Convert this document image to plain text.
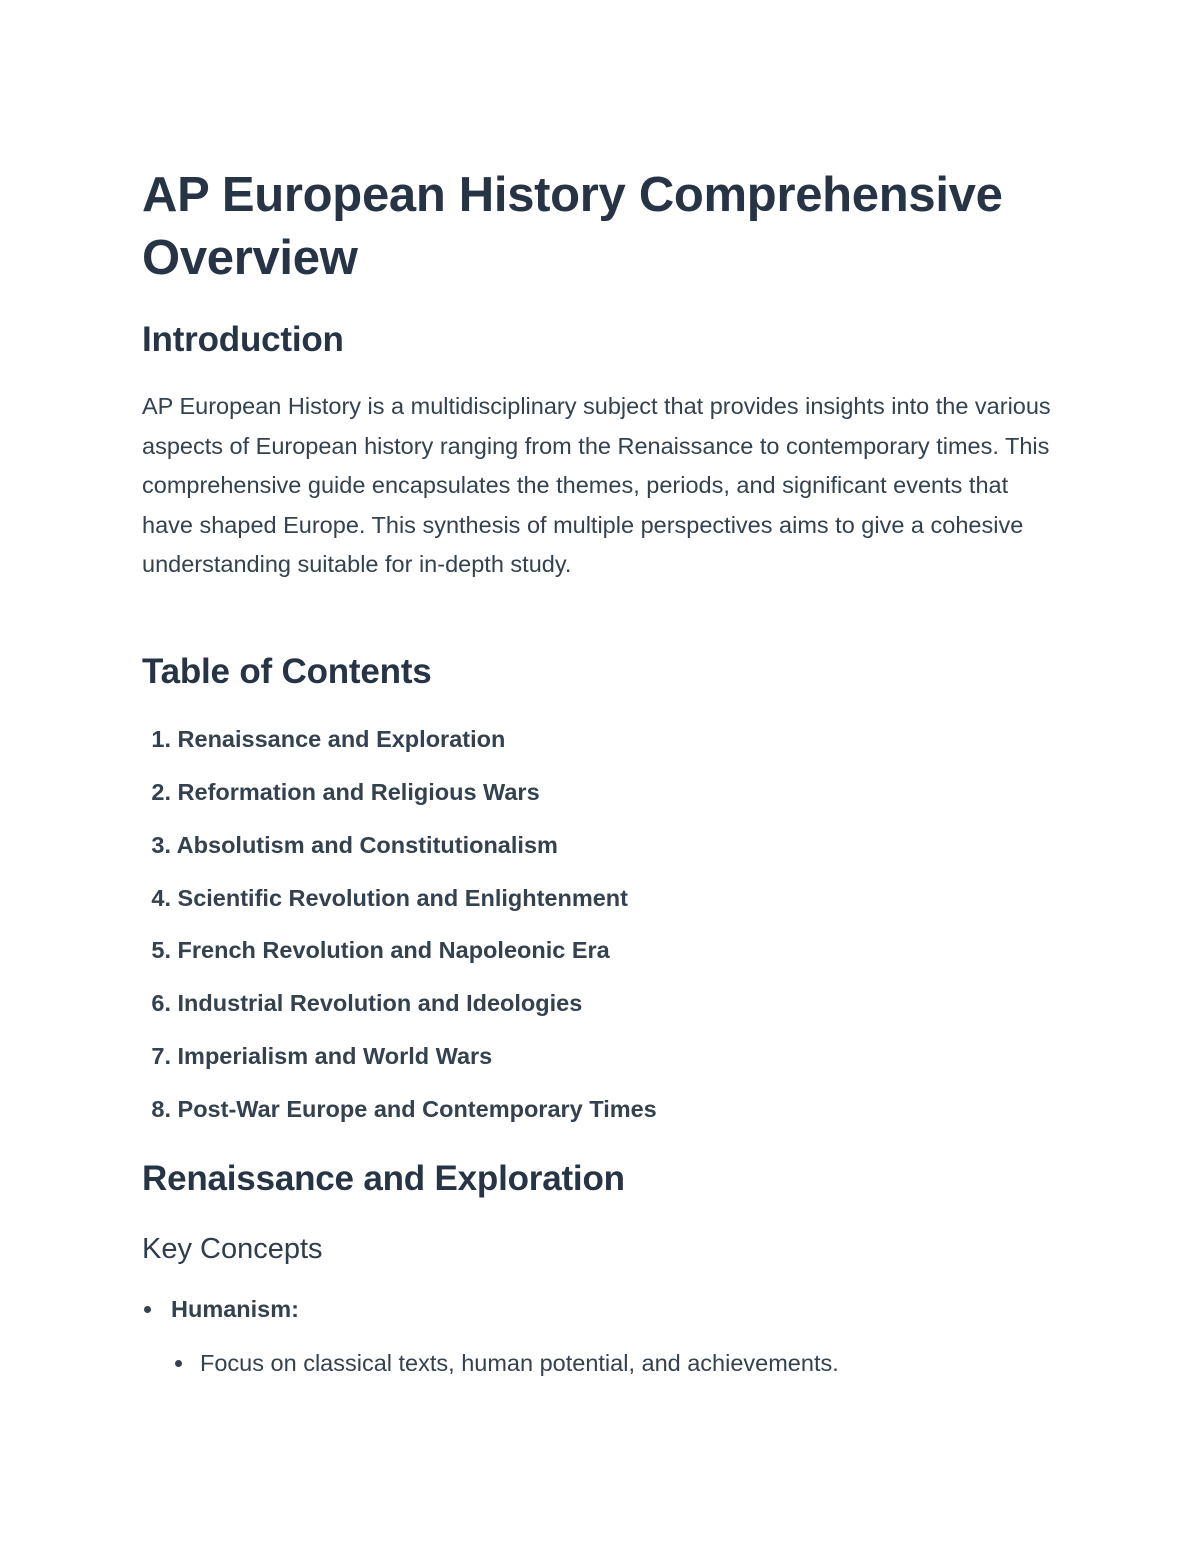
AP European History Comprehensive Overview
Introduction

AP European History is a multidisciplinary subject that provides insights into the various aspects of European history ranging from the Renaissance to contemporary times. This comprehensive guide encapsulates the themes, periods, and significant events that have shaped Europe. This synthesis of multiple perspectives aims to give a cohesive understanding suitable for in-depth study.

Table of Contents
1. Renaissance and Exploration
2. Reformation and Religious Wars
3. Absolutism and Constitutionalism
4. Scientific Revolution and Enlightenment
5. French Revolution and Napoleonic Era
6. Industrial Revolution and Ideologies
7. Imperialism and World Wars
8. Post-War Europe and Contemporary Times
Renaissance and Exploration
Key Concepts
Humanism:
Focus on classical texts, human potential, and achievements.
